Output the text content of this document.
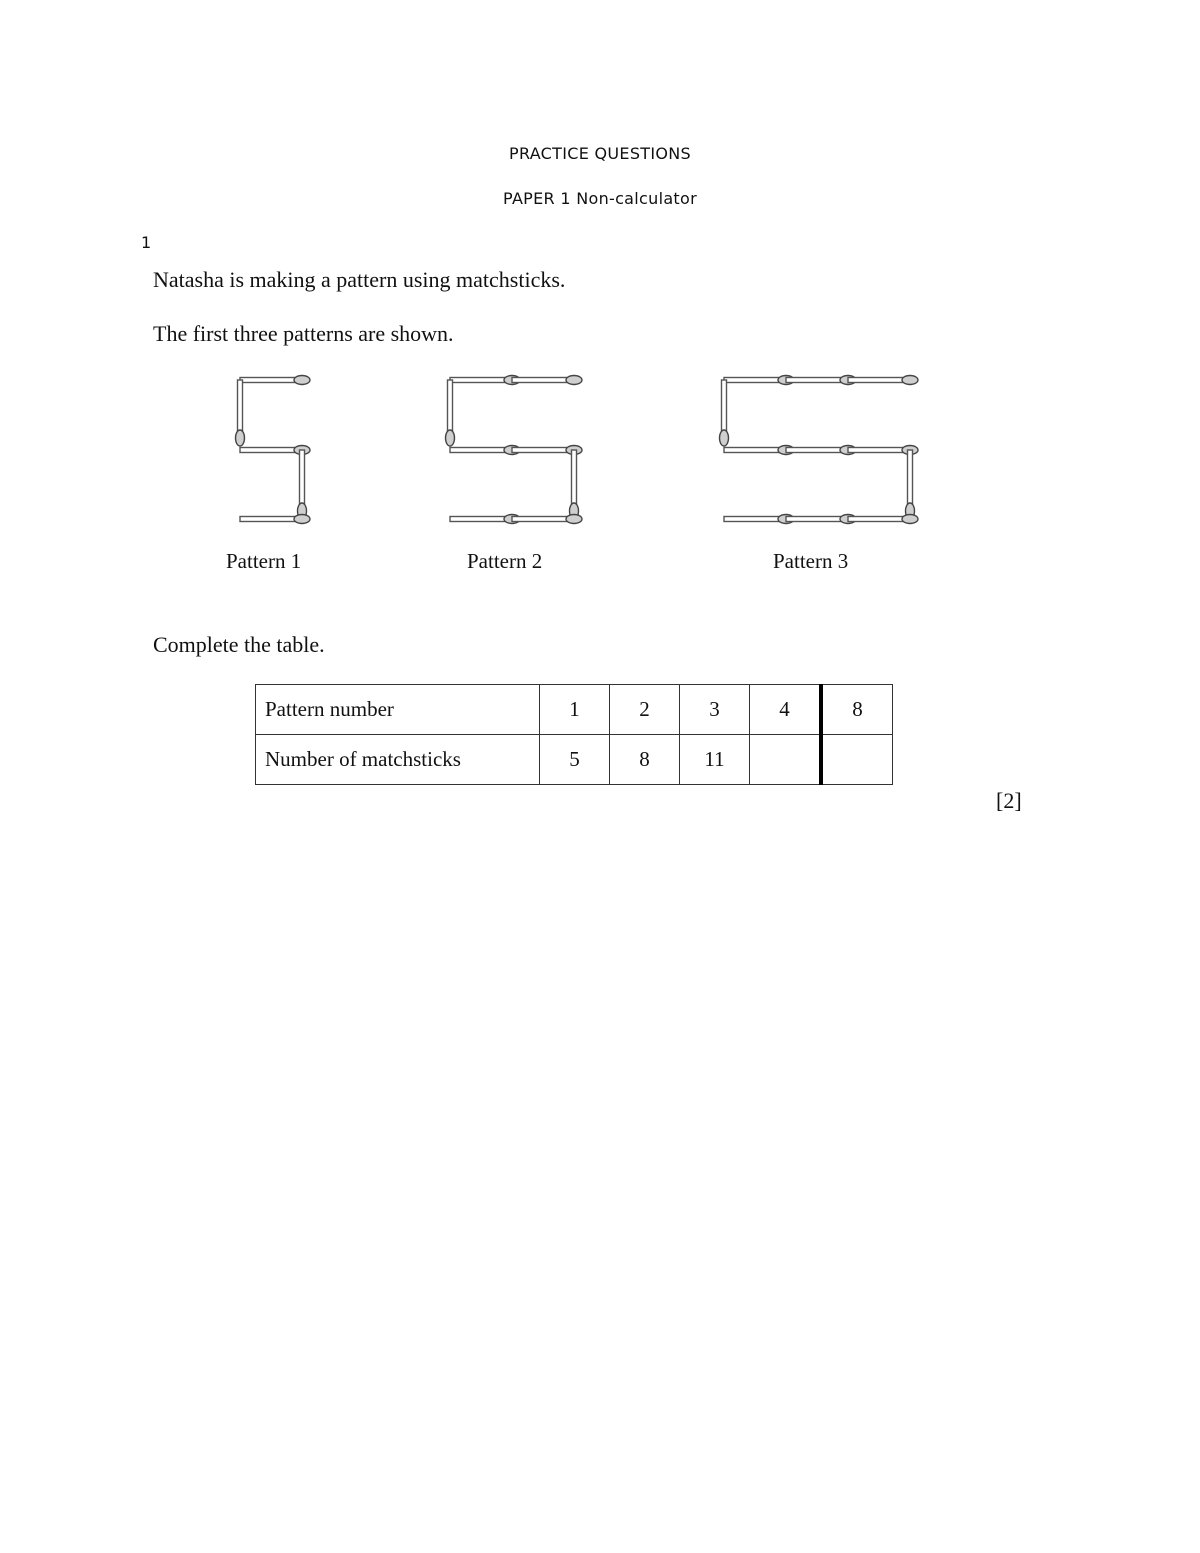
PRACTICE QUESTIONS
PAPER 1 Non-calculator
1
Natasha is making a pattern using matchsticks.
The first three patterns are shown.
Pattern 1	Pattern 2	Pattern 3
Complete the table.
Pattern number	1	2	3	4	8
Number of matchsticks	5	8	11		
[2]
